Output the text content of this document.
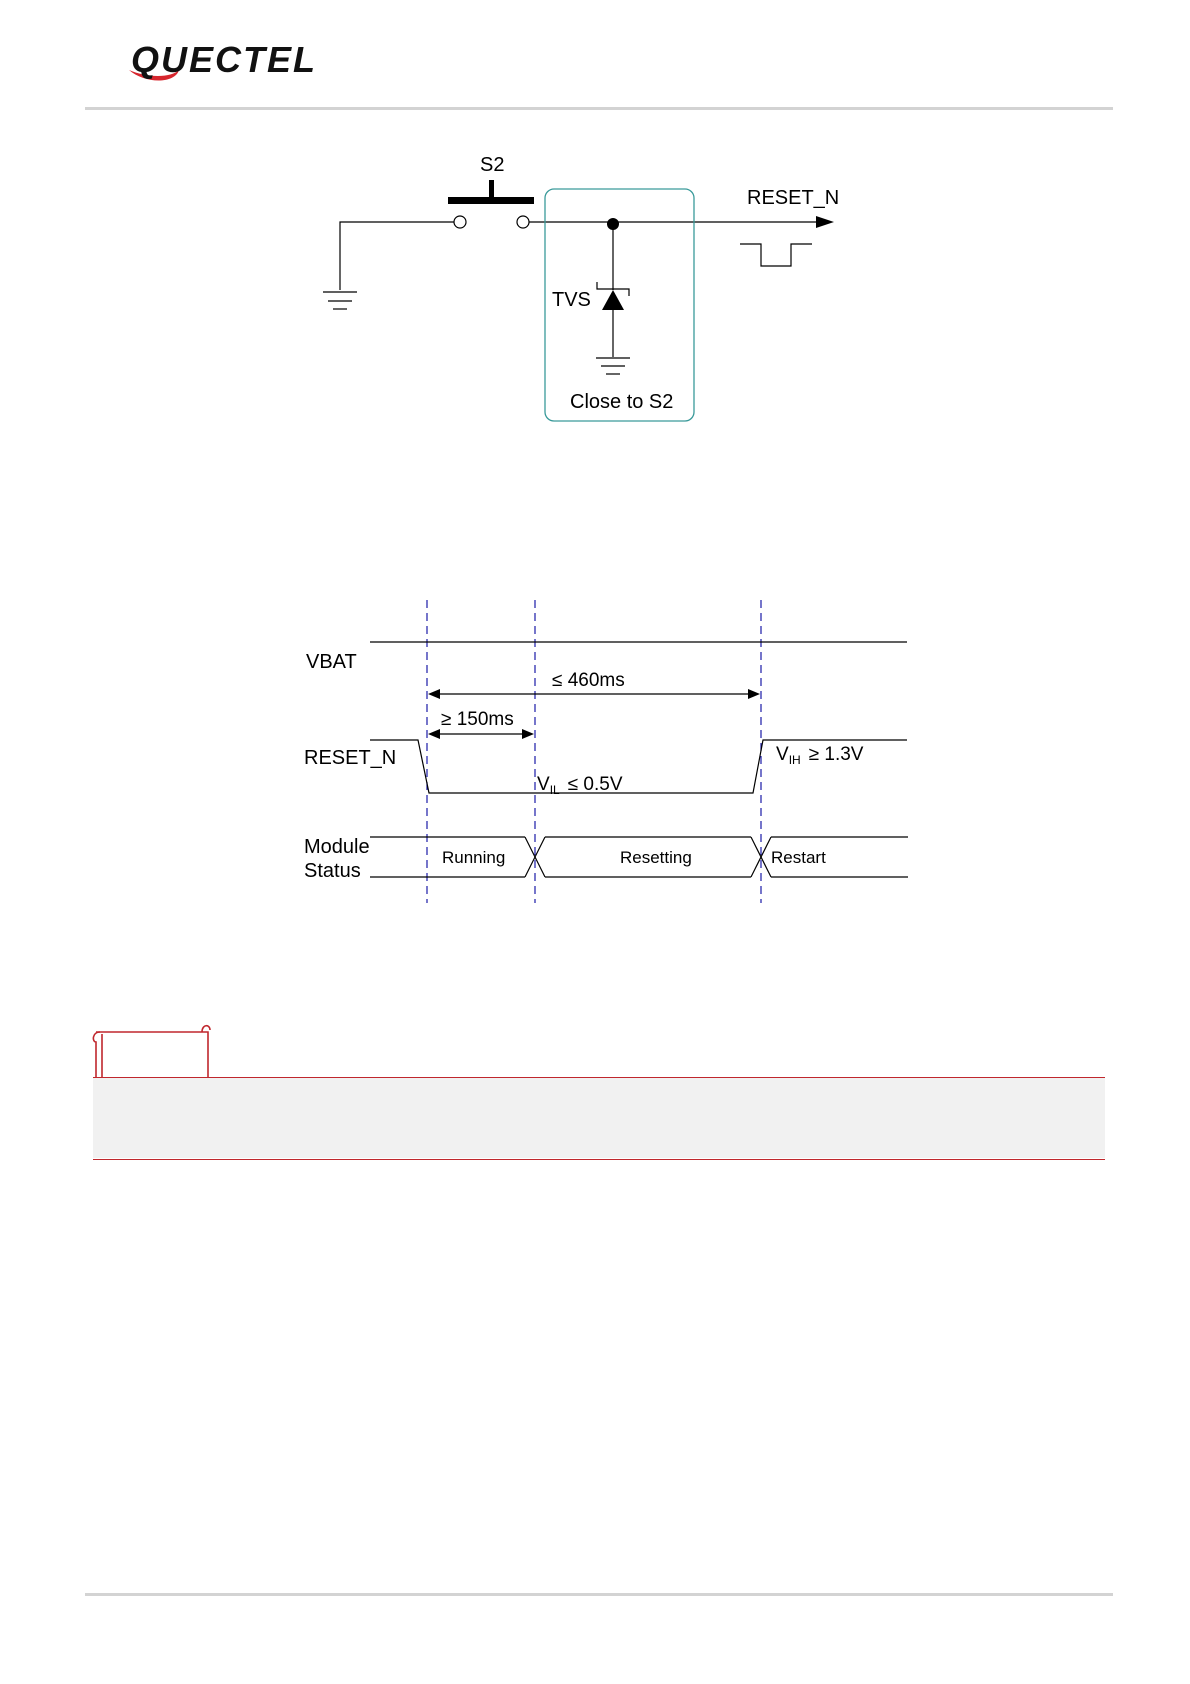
QUECTEL
S2
RESET_N
TVS
Close to S2
VBAT
≤ 460ms
≥ 150ms
RESET_N
$V_{IL} \le 0.5V$
$V_{IH} \ge 1.3V$
Module
Status
Running	Resetting	Restart
